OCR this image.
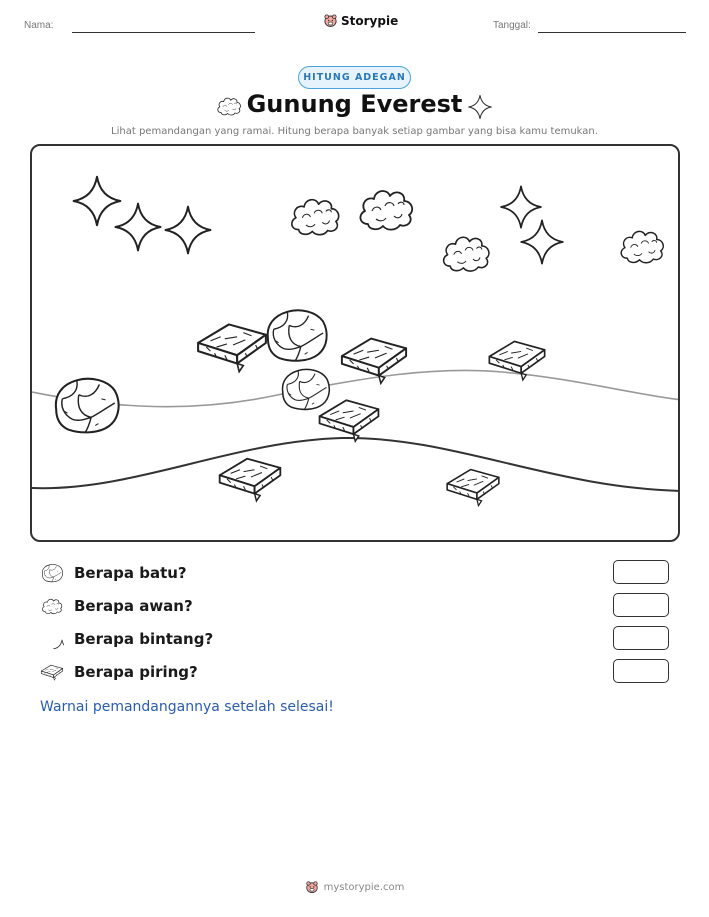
Nama:	Storypie	Tanggal:
HITUNG ADEGAN
Gunung Everest
Lihat pemandangan yang ramai. Hitung berapa banyak setiap gambar yang bisa kamu temukan.
Berapa batu?
Berapa awan?
Berapa bintang?
Berapa piring?
Warnai pemandangannya setelah selesai!
mystorypie.com
